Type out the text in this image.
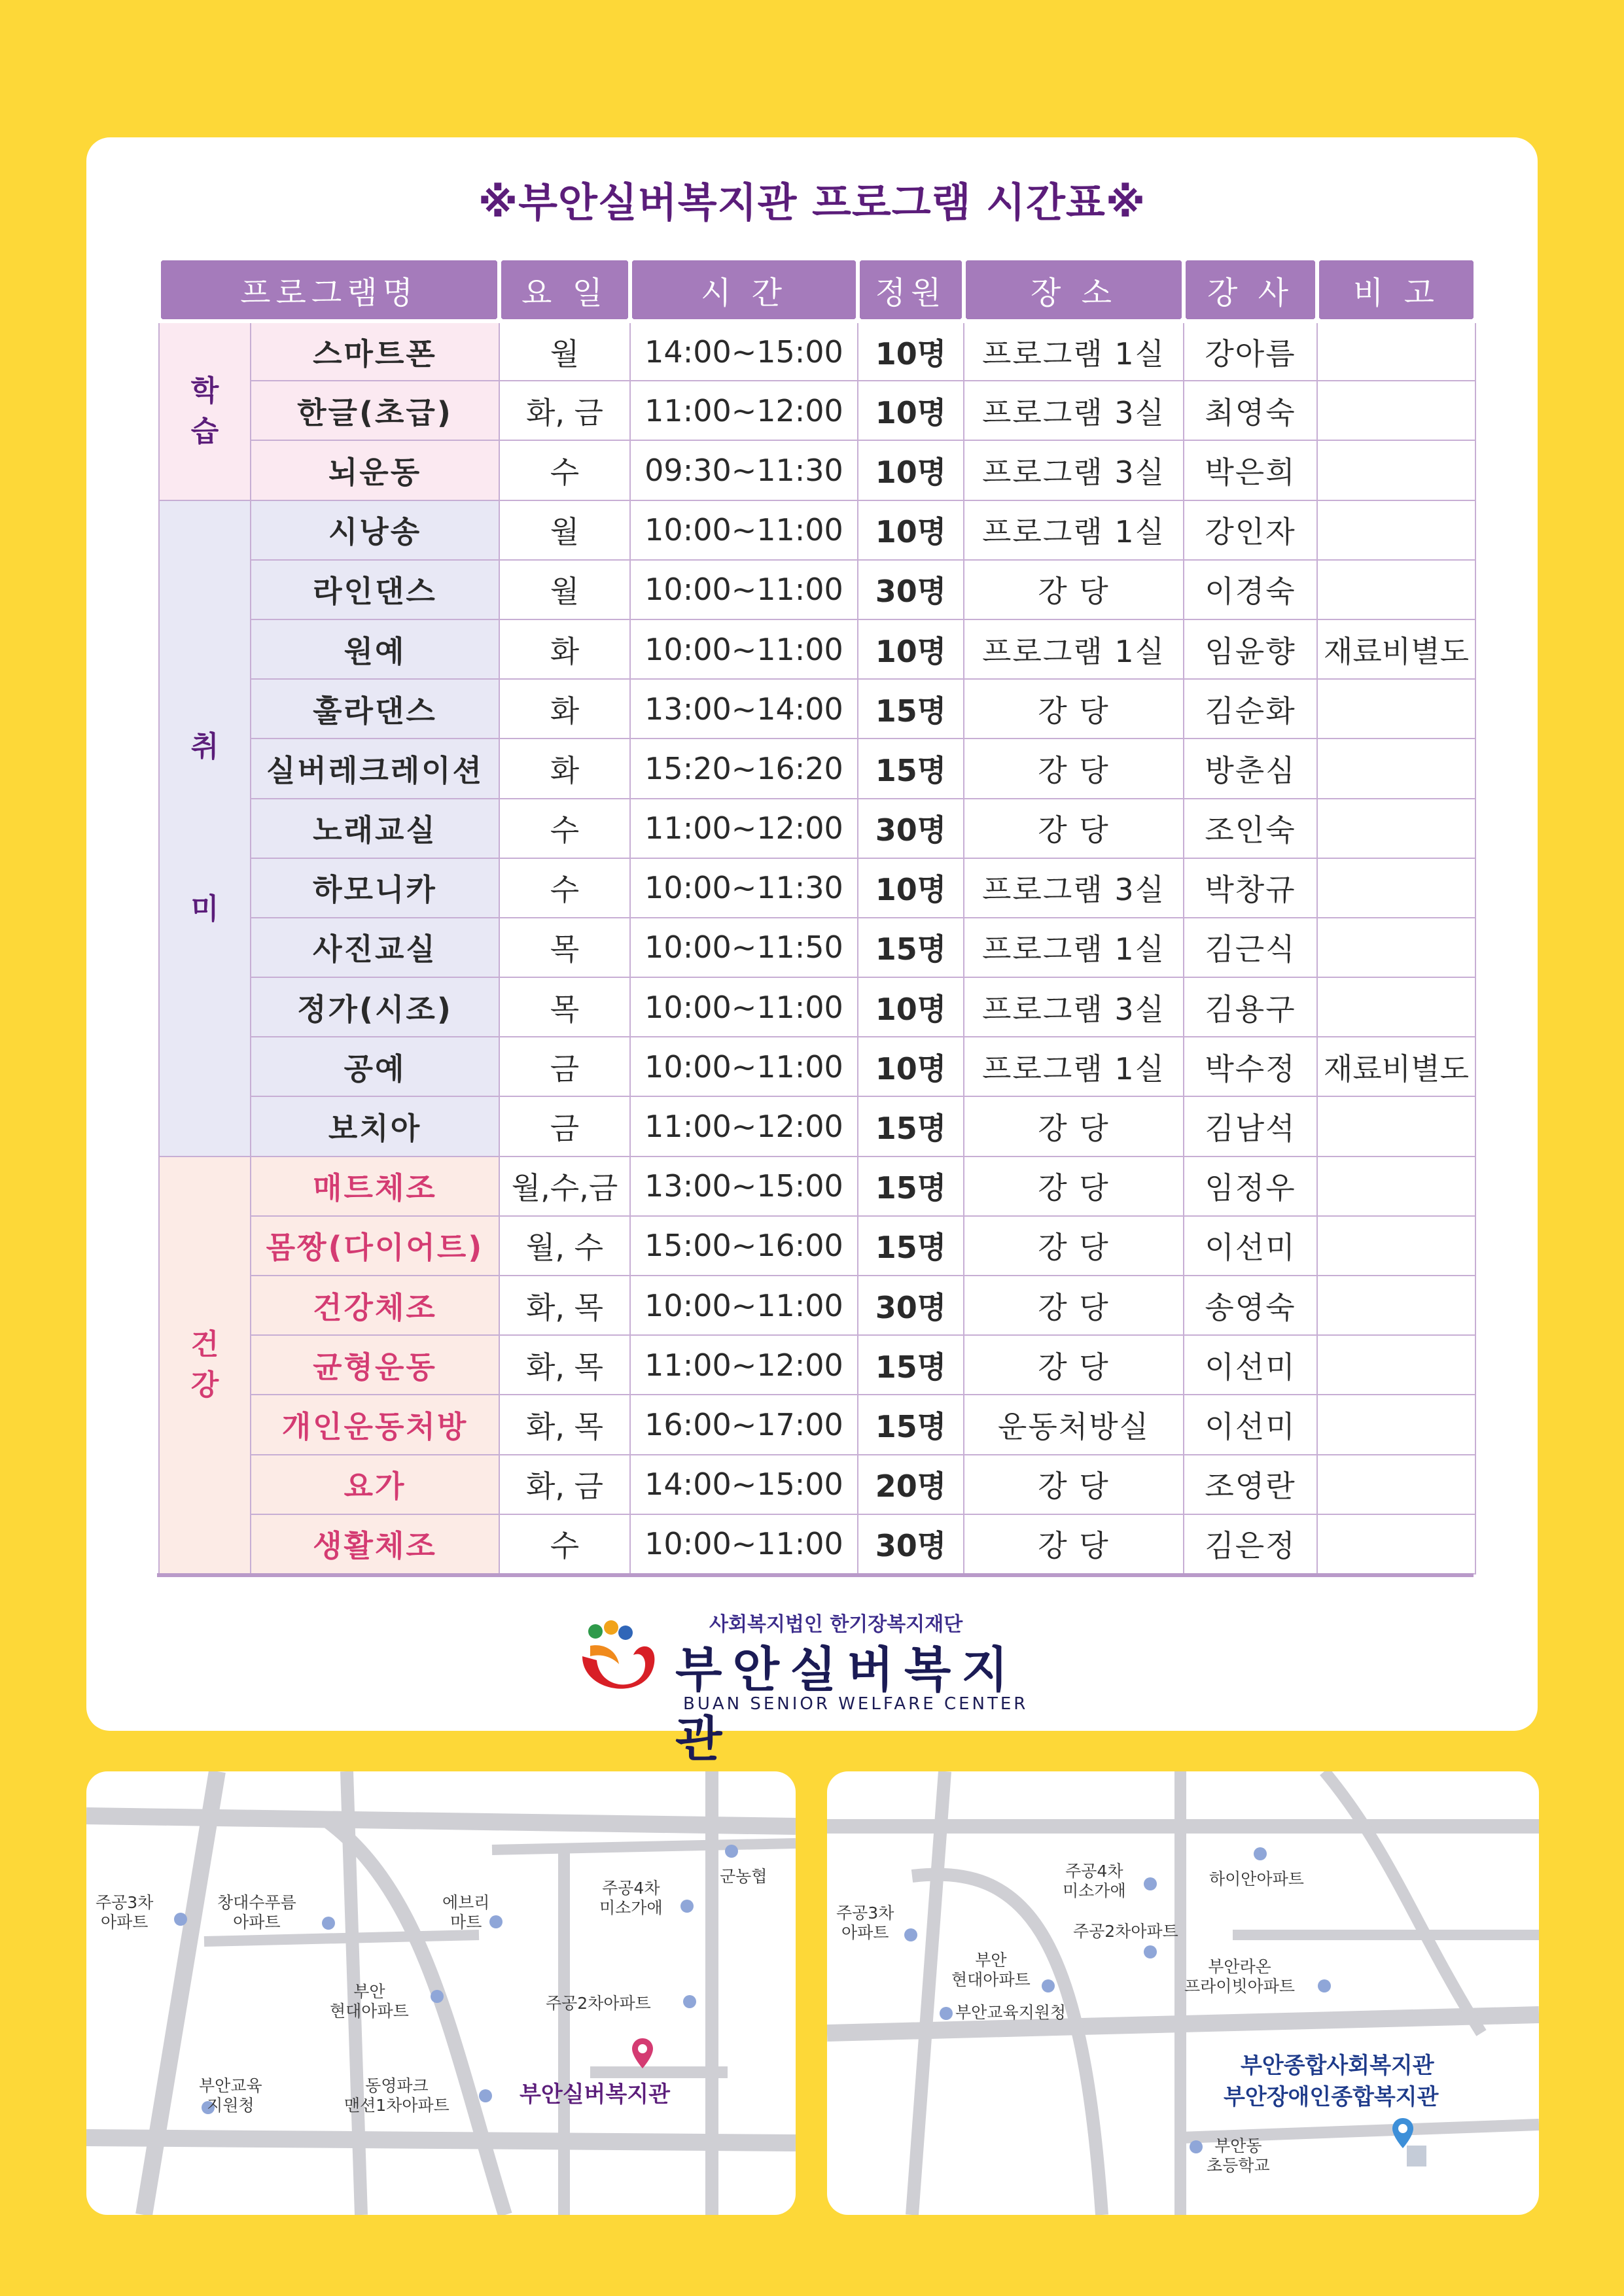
※부안실버복지관 프로그램 시간표※
프로그램명		요 일	시 간	정원	장 소	강 사	비 고
학
습	스마트폰	월	14:00~15:00	10명	프로그램 1실	강아름	
	한글(초급)	화, 금	11:00~12:00	10명	프로그램 3실	최영숙	
	뇌운동	수	09:30~11:30	10명	프로그램 3실	박은희	
취

미	시낭송	월	10:00~11:00	10명	프로그램 1실	강인자	
	라인댄스	월	10:00~11:00	30명	강 당	이경숙	
	원예	화	10:00~11:00	10명	프로그램 1실	임윤향	재료비별도
	훌라댄스	화	13:00~14:00	15명	강 당	김순화	
	실버레크레이션	화	15:20~16:20	15명	강 당	방춘심	
	노래교실	수	11:00~12:00	30명	강 당	조인숙	
	하모니카	수	10:00~11:30	10명	프로그램 3실	박창규	
	사진교실	목	10:00~11:50	15명	프로그램 1실	김근식	
	정가(시조)	목	10:00~11:00	10명	프로그램 3실	김용구	
	공예	금	10:00~11:00	10명	프로그램 1실	박수정	재료비별도
	보치아	금	11:00~12:00	15명	강 당	김남석	
건
강	매트체조	월,수,금	13:00~15:00	15명	강 당	임정우	
	몸짱(다이어트)	월, 수	15:00~16:00	15명	강 당	이선미	
	건강체조	화, 목	10:00~11:00	30명	강 당	송영숙	
	균형운동	화, 목	11:00~12:00	15명	강 당	이선미	
	개인운동처방	화, 목	16:00~17:00	15명	운동처방실	이선미	
	요가	화, 금	14:00~15:00	20명	강 당	조영란	
	생활체조	수	10:00~11:00	30명	강 당	김은정	
사회복지법인 한기장복지재단
부안실버복지관
BUAN SENIOR WELFARE CENTER
주공3차
아파트
창대수푸름
아파트
에브리
마트
주공4차
미소가애
군농협
부안
현대아파트	주공2차아파트
부안교육
지원청
동영파크
맨션1차아파트	부안실버복지관
주공3차
아파트
주공4차
미소가애
하이안아파트
주공2차아파트
부안
현대아파트
부안교육지원청
부안라온
프라이빗아파트
부안동
초등학교
부안종합사회복지관
부안장애인종합복지관
